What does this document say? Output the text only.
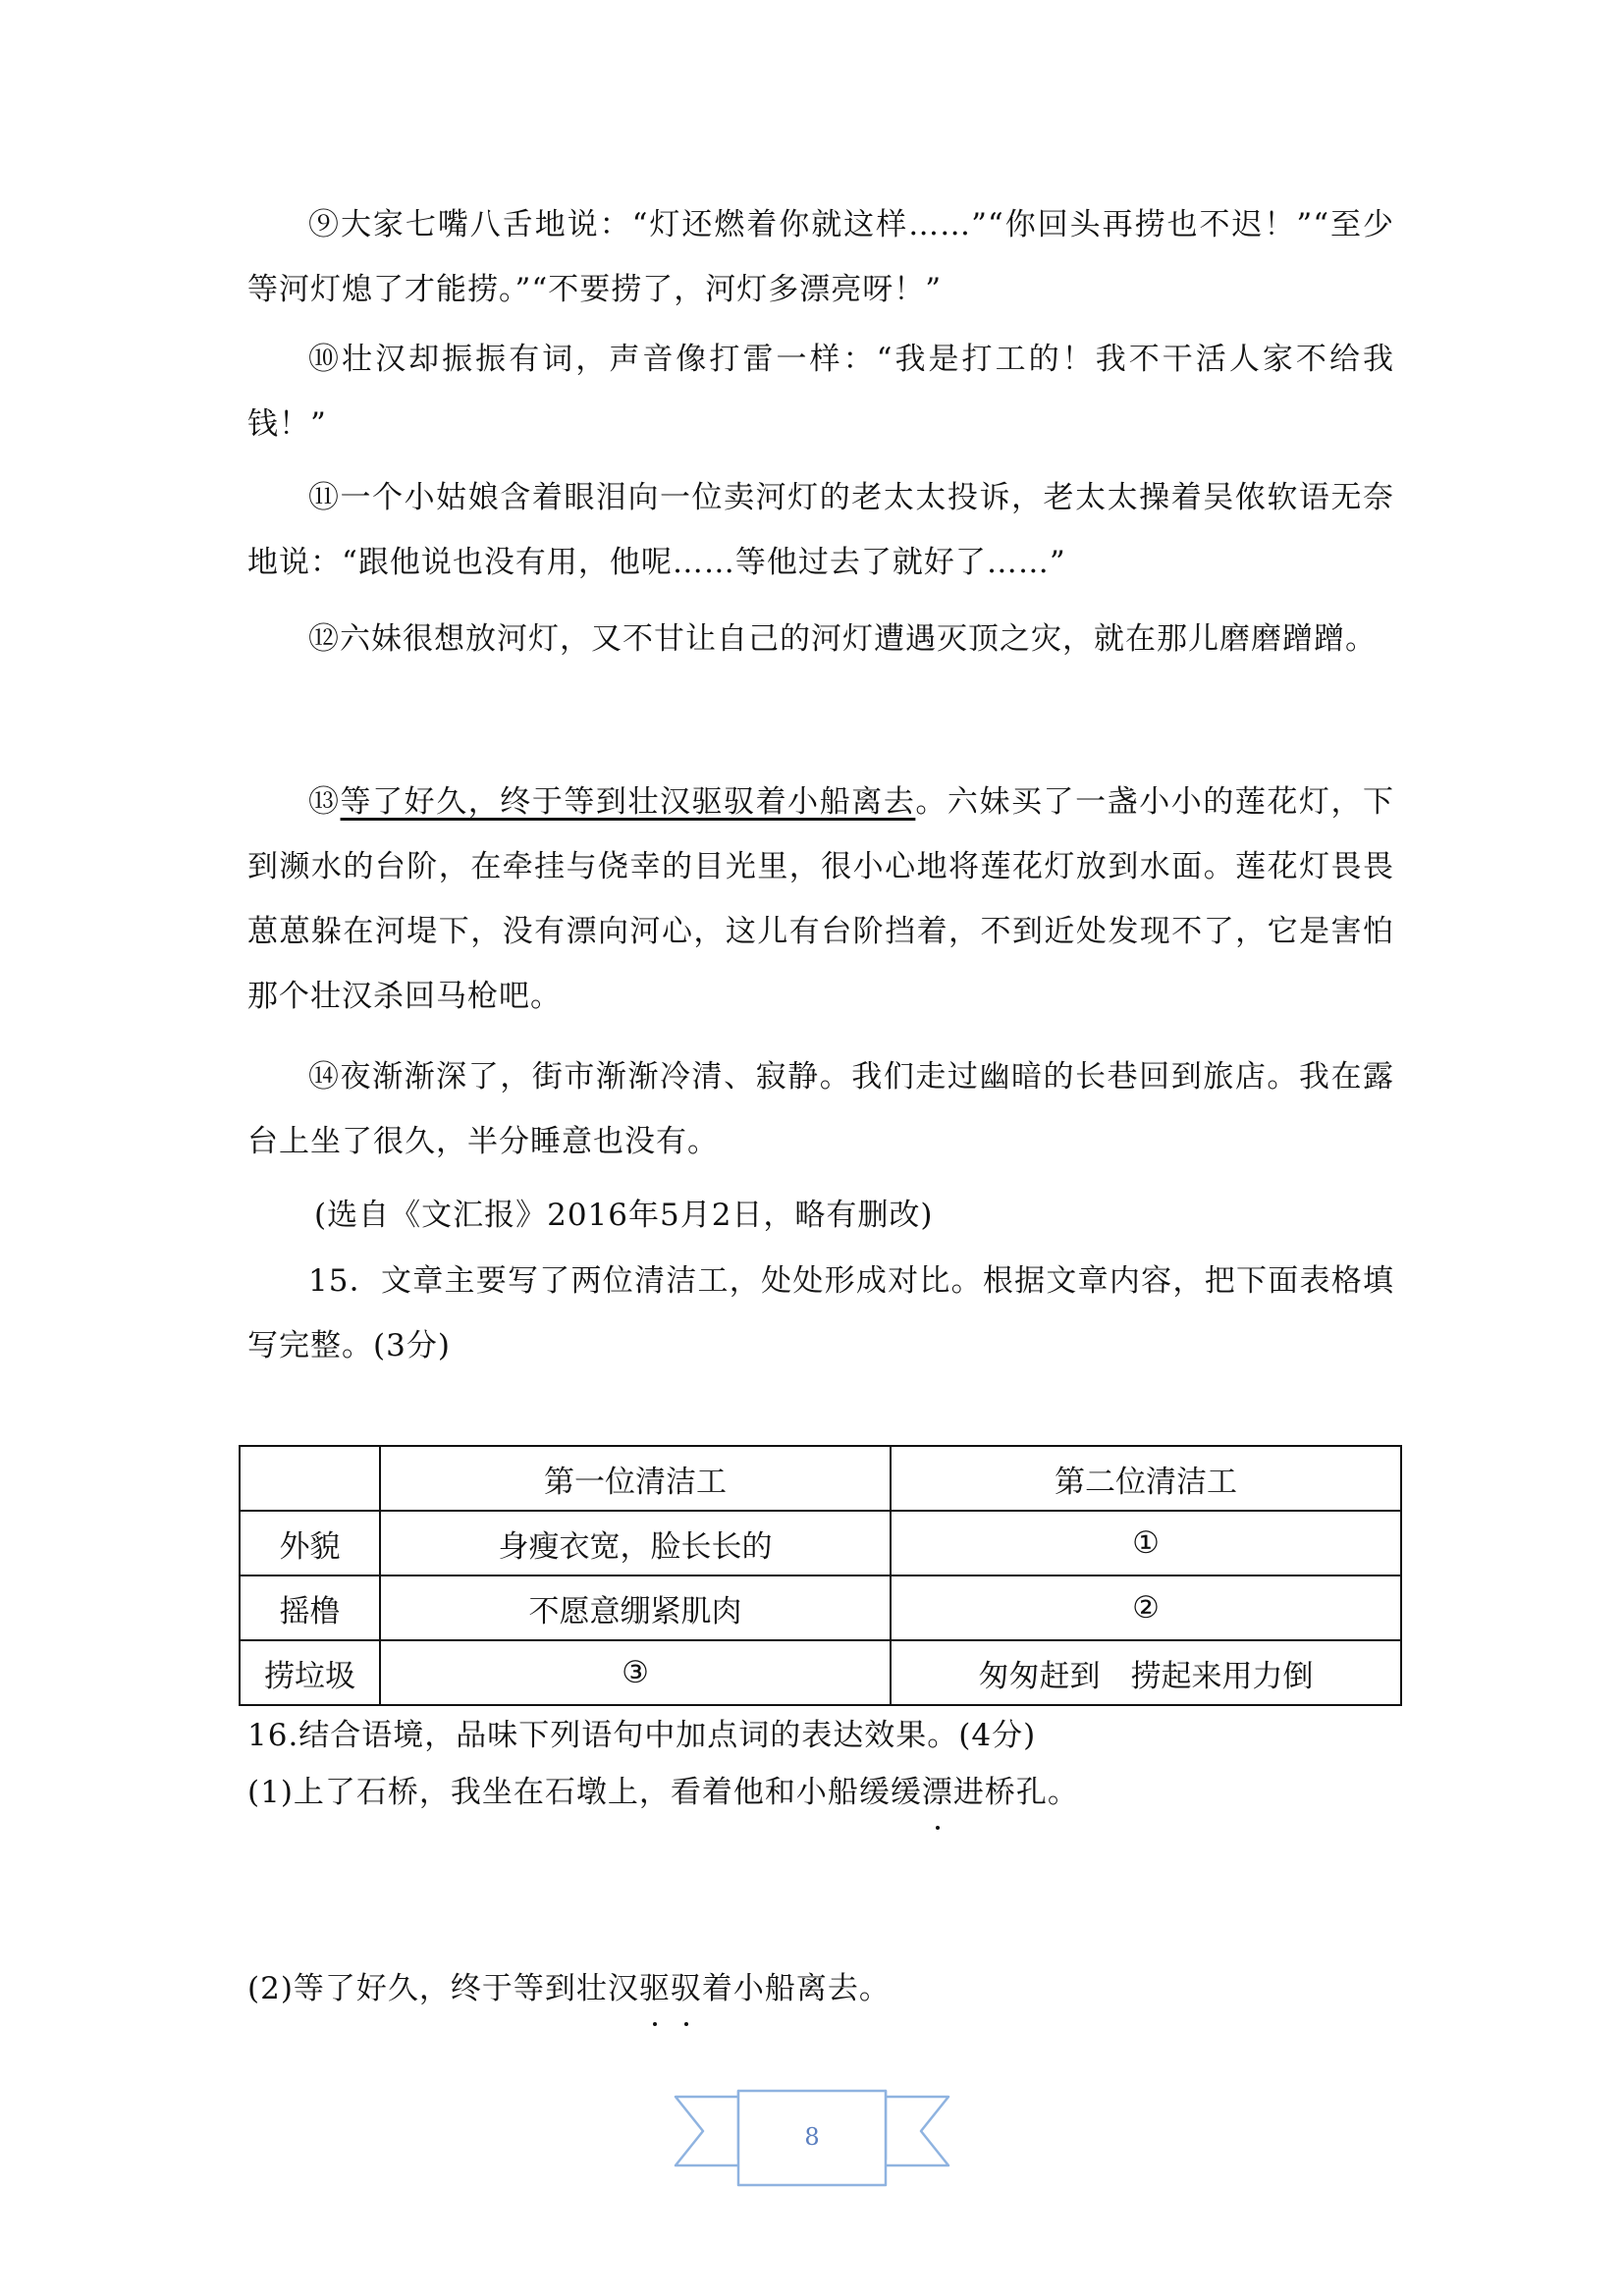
⑨大家七嘴八舌地说：“灯还燃着你就这样……”“你回头再捞也不迟！”“至少等河灯熄了才能捞。”“不要捞了，河灯多漂亮呀！”

⑩壮汉却振振有词，声音像打雷一样：“我是打工的！我不干活人家不给我钱！”

⑪一个小姑娘含着眼泪向一位卖河灯的老太太投诉，老太太操着吴侬软语无奈地说：“跟他说也没有用，他呢……等他过去了就好了……”

⑫六妹很想放河灯，又不甘让自己的河灯遭遇灭顶之灾，就在那儿磨磨蹭蹭。

⑬等了好久，终于等到壮汉驱驭着小船离去。六妹买了一盏小小的莲花灯，下到濒水的台阶，在牵挂与侥幸的目光里，很小心地将莲花灯放到水面。莲花灯畏畏葸葸躲在河堤下，没有漂向河心，这儿有台阶挡着，不到近处发现不了，它是害怕那个壮汉杀回马枪吧。

⑭夜渐渐深了，街市渐渐冷清、寂静。我们走过幽暗的长巷回到旅店。我在露台上坐了很久，半分睡意也没有。

(选自《文汇报》2016年5月2日，略有删改)

15．文章主要写了两位清洁工，处处形成对比。根据文章内容，把下面表格填写完整。(3分)

	第一位清洁工	第二位清洁工
外貌	身瘦衣宽，脸长长的	①
摇橹	不愿意绷紧肌肉	②
捞垃圾	③	匆匆赶到　捞起来用力倒
16.结合语境，品味下列语句中加点词的表达效果。(4分)
(1)上了石桥，我坐在石墩上，看着他和小船缓缓漂进桥孔。
(2)等了好久，终于等到壮汉驱驭着小船离去。
8
